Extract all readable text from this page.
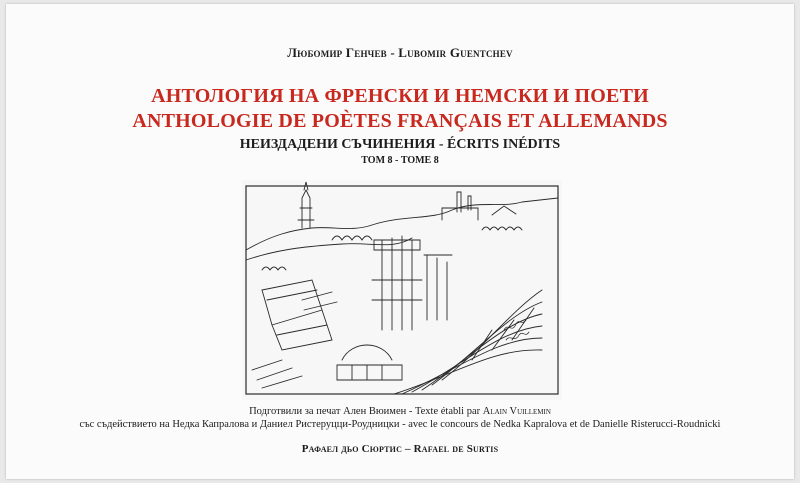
Любомир Генчев - Lubomir Guentchev
АНТОЛОГИЯ НА ФРЕНСКИ И НЕМСКИ И ПОЕТИ
ANTHOLOGIE DE POÈTES FRANÇAIS ET ALLEMANDS
НЕИЗДАДЕНИ СЪЧИНЕНИЯ - ÉCRITS INÉDITS
ТОМ 8 - TOME 8
Подготвили за печат Ален Вюимен - Texte établi par Alain Vuillemin
със съдействието на Недка Капралова и Даниел Ристеруцци-Роудницки - avec le concours de Nedka Kapralova et de Danielle Risterucci-Roudnicki
Рафаел дьо Сюртис – Rafael de Surtis
